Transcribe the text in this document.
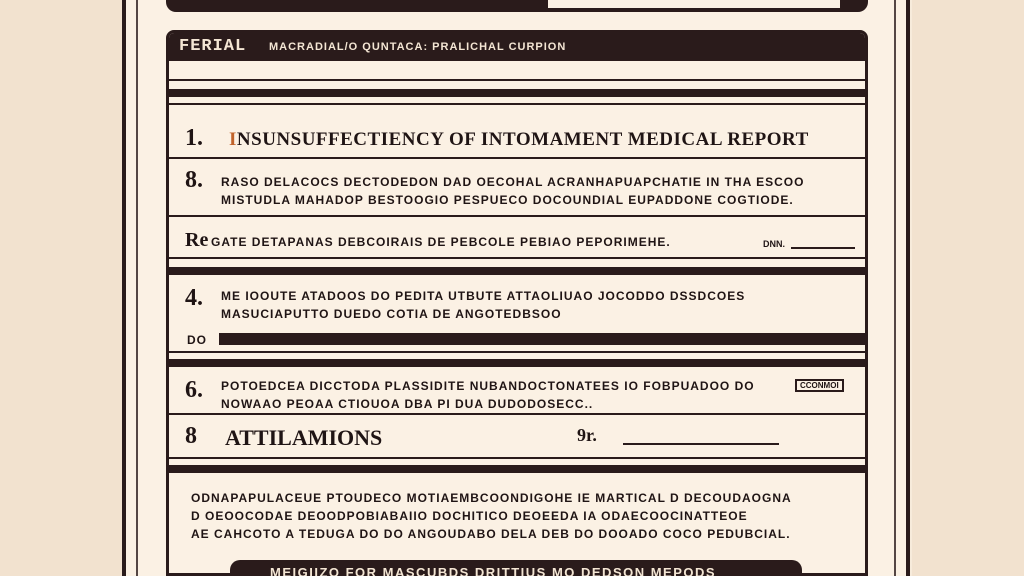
FERIAL MACRADIAL/O QUNTACA: PRALICHAL CURPION
1. INSUNSUFFECTIENCY OF INTOMAMENT MEDICAL REPORT
8. RASO DELACOCS DECTODEDON DAD OECOHAL ACRANHAPUAPCHATIE IN THA ESCOO
MISTUDLA MAHADOP BESTOOGIO PESPUECO DOCOUNDIAL EUPADDONE COGTIODE.
Re GATE DETAPANAS DEBCOIRAIS DE PEBCOLE PEBIAO PEPORIMEHE.	DNN.
4. ME IOOUTE ATADOOS DO PEDITA UTBUTE ATTAOLIUAO JOCODDO DSSDCOES
MASUCIAPUTTO DUEDO COTIA DE ANGOTEDBSOO
DO
6. POTOEDCEA DICCTODA PLASSIDITE NUBANDOCTONATEES IO FOBPUADOO DO	CCONMOI
NOWAAO PEOAA CTIOUOA DBA PI DUA DUDODOSECC..
8 ATTILAMIONS	9r.
ODNAPAPULACEUE PTOUDECO MOTIAEMBCOONDIGOHE IE MARTICAL D DECOUDAOGNA
D OEOOCODAE DEOODPOBIABAIIO DOCHITICO DEOEEDA IA ODAECOOCINATTEOE
AE CAHCOTO A TEDUGA DO DO ANGOUDABO DELA DEB DO DOOADO COCO PEDUBCIAL.
MEIGIIZO FOR MASCUBDS DRITTIUS MO DEDSON MEPODS
